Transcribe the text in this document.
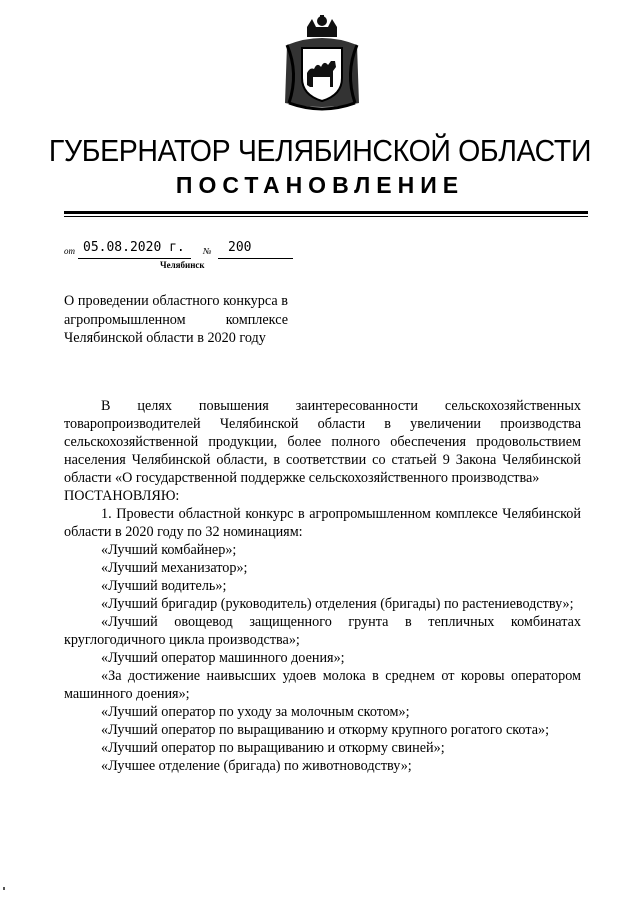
ГУБЕРНАТОР ЧЕЛЯБИНСКОЙ ОБЛАСТИ
ПОСТАНОВЛЕНИЕ
от 05.08.2020 г. № 200
Челябинск
О проведении областного конкурса в агропромышленном комплексе Челябинской области в 2020 году

В целях повышения заинтересованности сельскохозяйственных товаропроизводителей Челябинской области в увеличении производства сельскохозяйственной продукции, более полного обеспечения продовольствием населения Челябинской области, в соответствии со статьей 9 Закона Челябинской области «О государственной поддержке сельскохозяйственного производства»

ПОСТАНОВЛЯЮ:

1. Провести областной конкурс в агропромышленном комплексе Челябинской области в 2020 году по 32 номинациям:

«Лучший комбайнер»;

«Лучший механизатор»;

«Лучший водитель»;

«Лучший бригадир (руководитель) отделения (бригады) по растениеводству»;

«Лучший овощевод защищенного грунта в тепличных комбинатах круглогодичного цикла производства»;

«Лучший оператор машинного доения»;

«За достижение наивысших удоев молока в среднем от коровы оператором машинного доения»;

«Лучший оператор по уходу за молочным скотом»;

«Лучший оператор по выращиванию и откорму крупного рогатого скота»;

«Лучший оператор по выращиванию и откорму свиней»;

«Лучшее отделение (бригада) по животноводству»;
